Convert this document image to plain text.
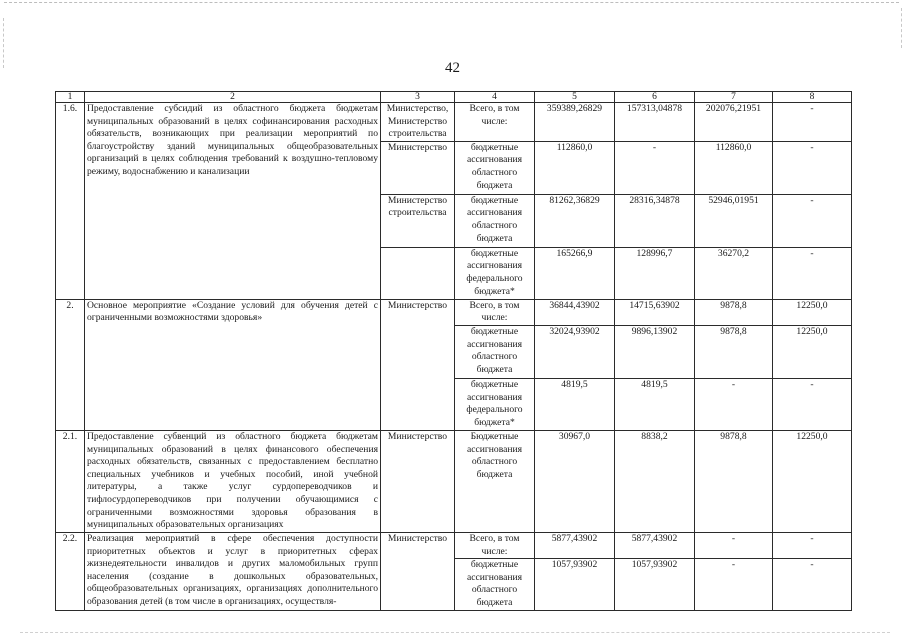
42
1	2	3	4	5	6	7	8
1.6.	Предоставление субсидий из областного бюджета бюджетам муниципальных образований в целях софинансирования расходных обязательств, возникающих при реализации мероприятий по благоустройству зданий муниципальных общеобразовательных организаций в целях соблюдения требований к воздушно-тепловому режиму, водоснабжению и канализации	Министерство, Министерство строительства	Всего, в том числе:	359389,26829	157313,04878	202076,21951	-
		Министерство	бюджетные ассигнования областного бюджета	112860,0	-	112860,0	-
		Министерство строительства	бюджетные ассигнования областного бюджета	81262,36829	28316,34878	52946,01951	-
			бюджетные ассигнования федерального бюджета*	165266,9	128996,7	36270,2	-
2.	Основное мероприятие «Создание условий для обучения детей с ограниченными возможностями здоровья»	Министерство	Всего, в том числе:	36844,43902	14715,63902	9878,8	12250,0
			бюджетные ассигнования областного бюджета	32024,93902	9896,13902	9878,8	12250,0
			бюджетные ассигнования федерального бюджета*	4819,5	4819,5	-	-
2.1.	Предоставление субвенций из областного бюджета бюджетам муниципальных образований в целях финансового обеспечения расходных обязательств, связанных с предоставлением бесплатно специальных учебников и учебных пособий, иной учебной литературы, а также услуг сурдопереводчиков и тифлосурдопереводчиков при получении обучающимися с ограниченными возможностями здоровья образования в муниципальных образовательных организациях	Министерство	Бюджетные ассигнования областного бюджета	30967,0	8838,2	9878,8	12250,0
2.2.	Реализация мероприятий в сфере обеспечения доступности приоритетных объектов и услуг в приоритетных сферах жизнедеятельности инвалидов и других маломобильных групп населения (создание в дошкольных образовательных, общеобразовательных организациях, организациях дополнительного образования детей (в том числе в организациях, осуществля-	Министерство	Всего, в том числе:	5877,43902	5877,43902	-	-
			бюджетные ассигнования областного бюджета	1057,93902	1057,93902	-	-
